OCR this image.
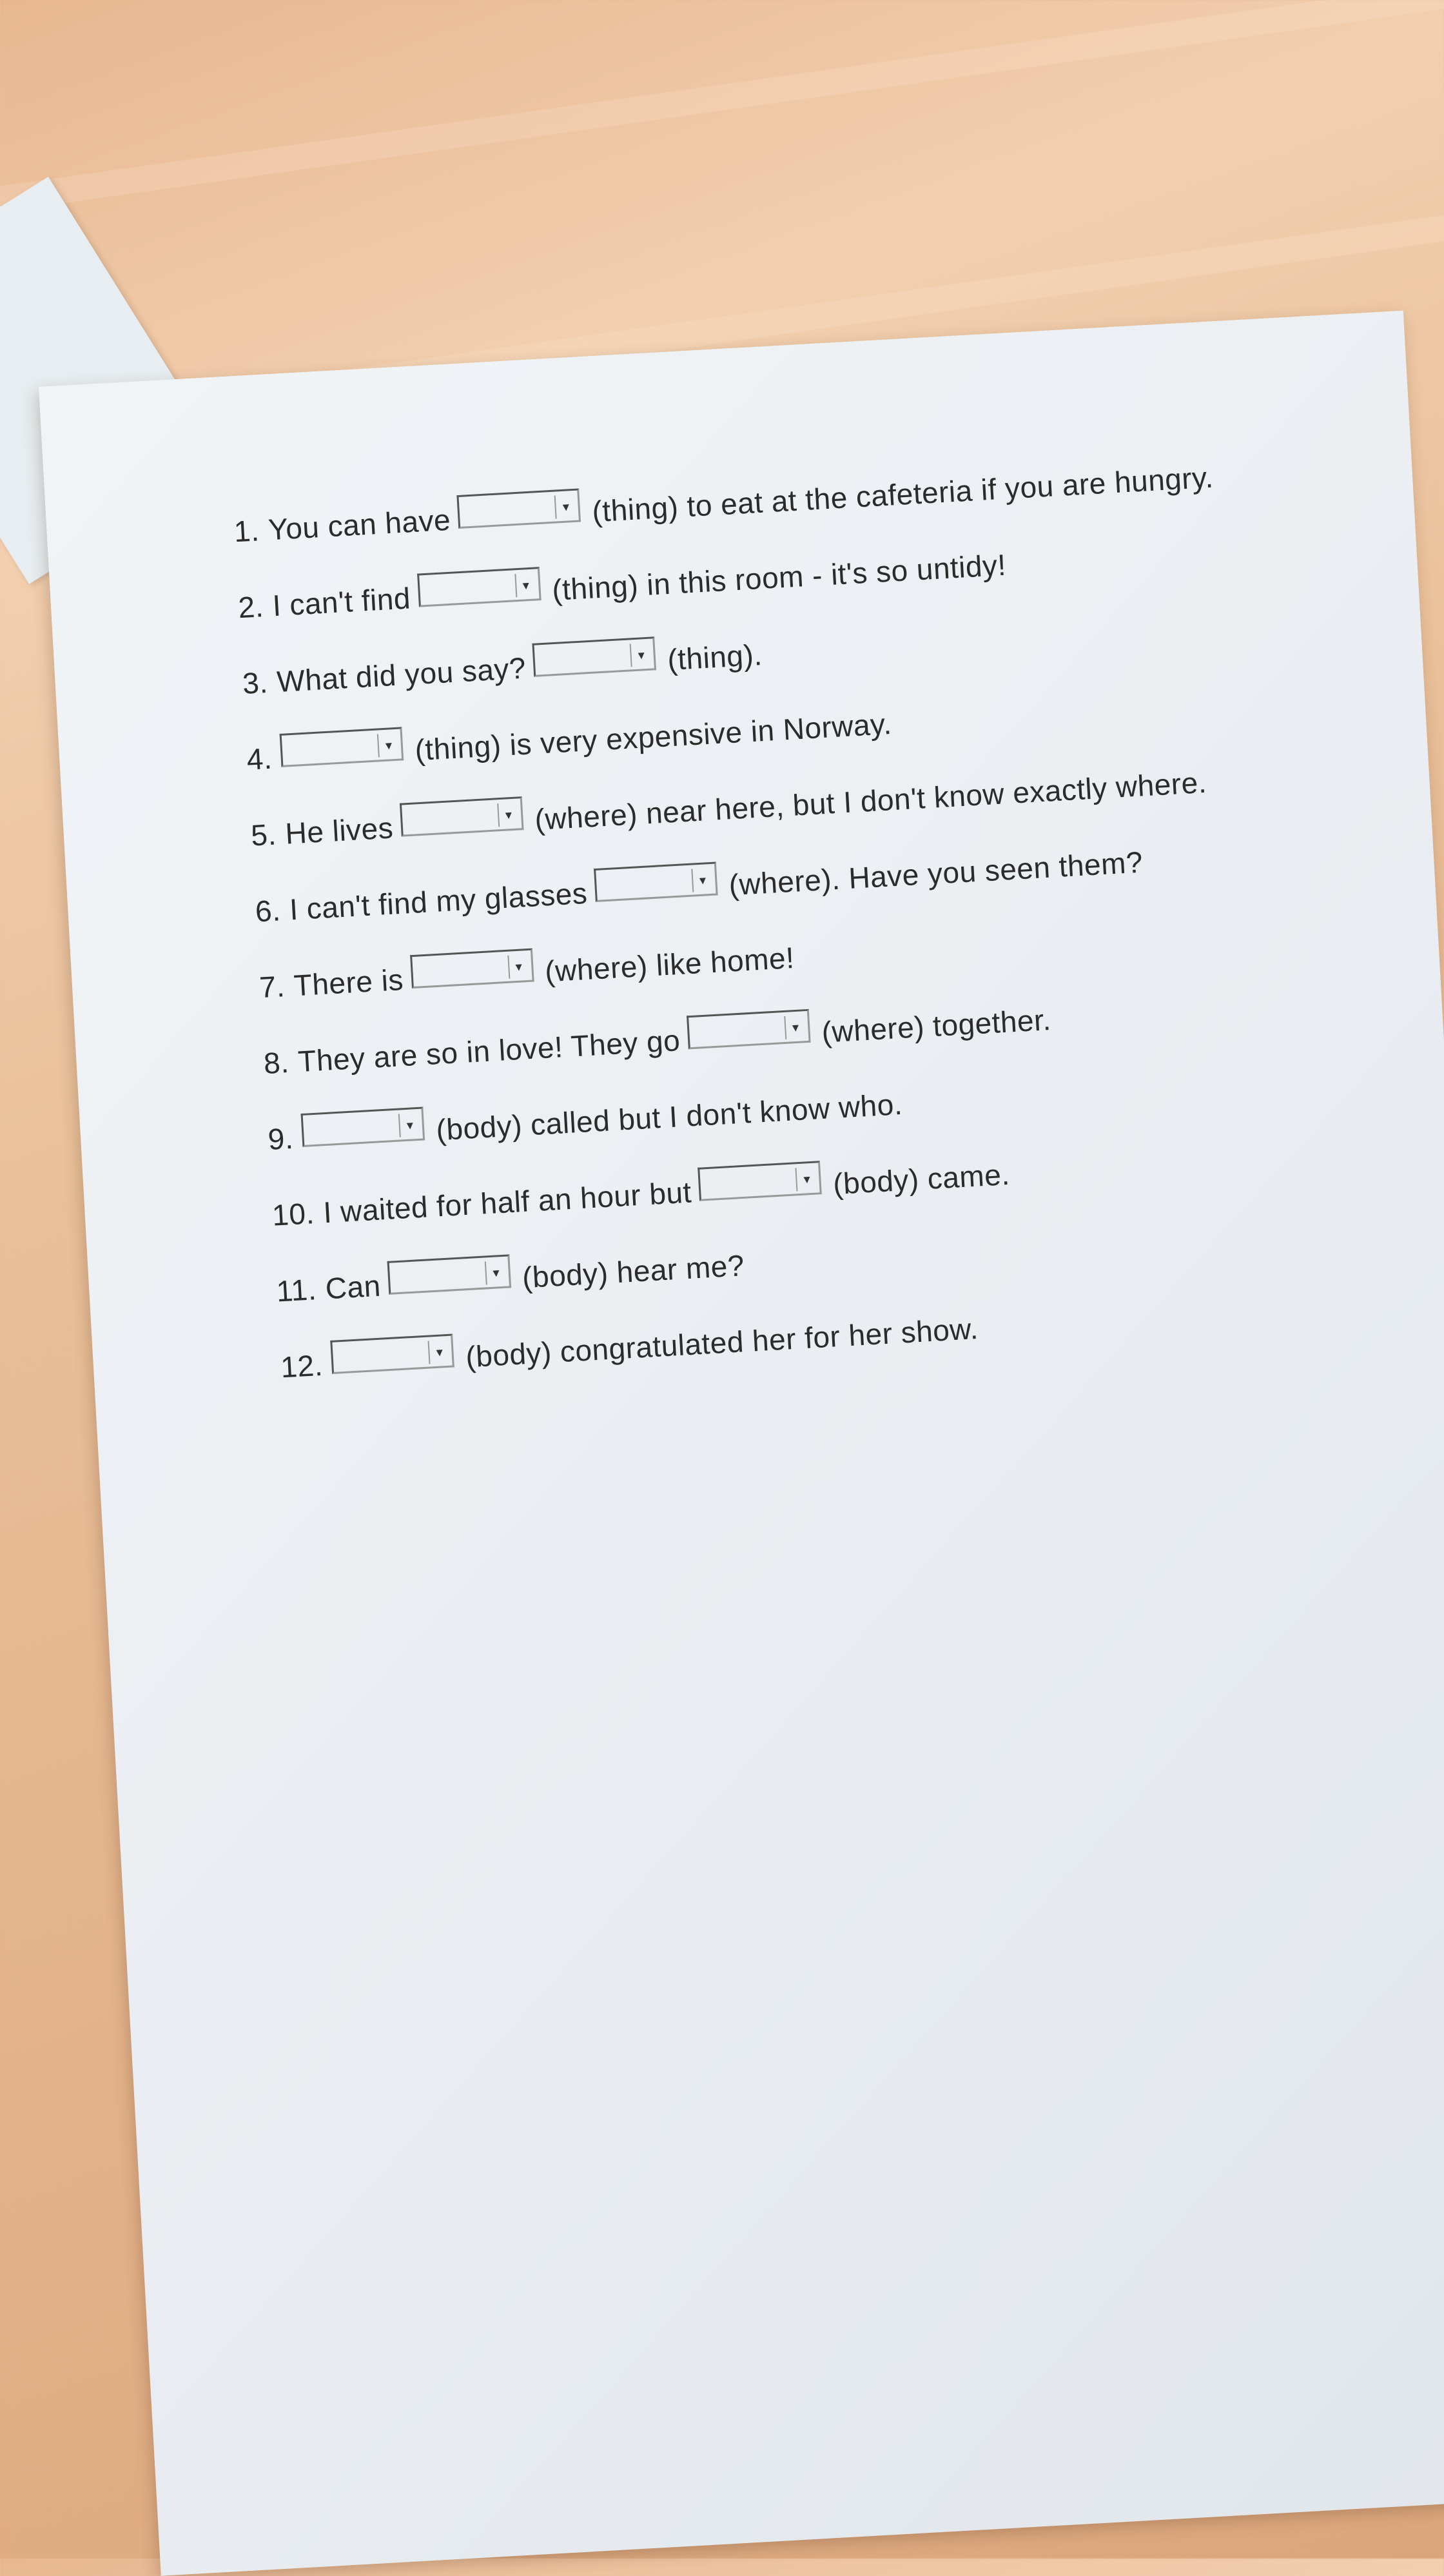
1. You can have	▾ (thing) to eat at the cafeteria if you are hungry.
2. I can't find	▾ (thing) in this room - it's so untidy!
3. What did you say?	▾ (thing).
4.	▾ (thing) is very expensive in Norway.
5. He lives	▾ (where) near here, but I don't know exactly where.
6. I can't find my glasses	▾ (where). Have you seen them?
7. There is	▾ (where) like home!
8. They are so in love! They go	▾ (where) together.
9.	▾ (body) called but I don't know who.
10. I waited for half an hour but	▾ (body) came.
11. Can	▾ (body) hear me?
12.	▾ (body) congratulated her for her show.
